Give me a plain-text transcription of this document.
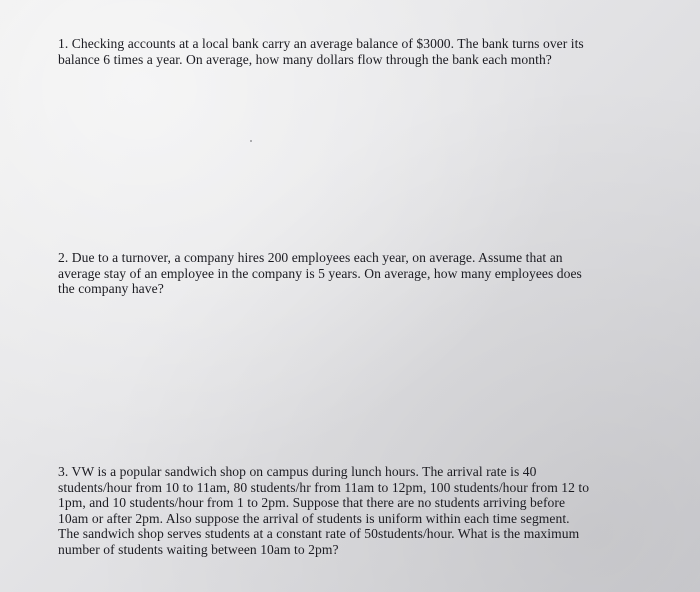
1. Checking accounts at a local bank carry an average balance of $3000. The bank turns over its
balance 6 times a year. On average, how many dollars flow through the bank each month?

2. Due to a turnover, a company hires 200 employees each year, on average. Assume that an
average stay of an employee in the company is 5 years. On average, how many employees does
the company have?

3. VW is a popular sandwich shop on campus during lunch hours. The arrival rate is 40
students/hour from 10 to 11am, 80 students/hr from 11am to 12pm, 100 students/hour from 12 to
1pm, and 10 students/hour from 1 to 2pm. Suppose that there are no students arriving before
10am or after 2pm. Also suppose the arrival of students is uniform within each time segment.
The sandwich shop serves students at a constant rate of 50students/hour. What is the maximum
number of students waiting between 10am to 2pm?
